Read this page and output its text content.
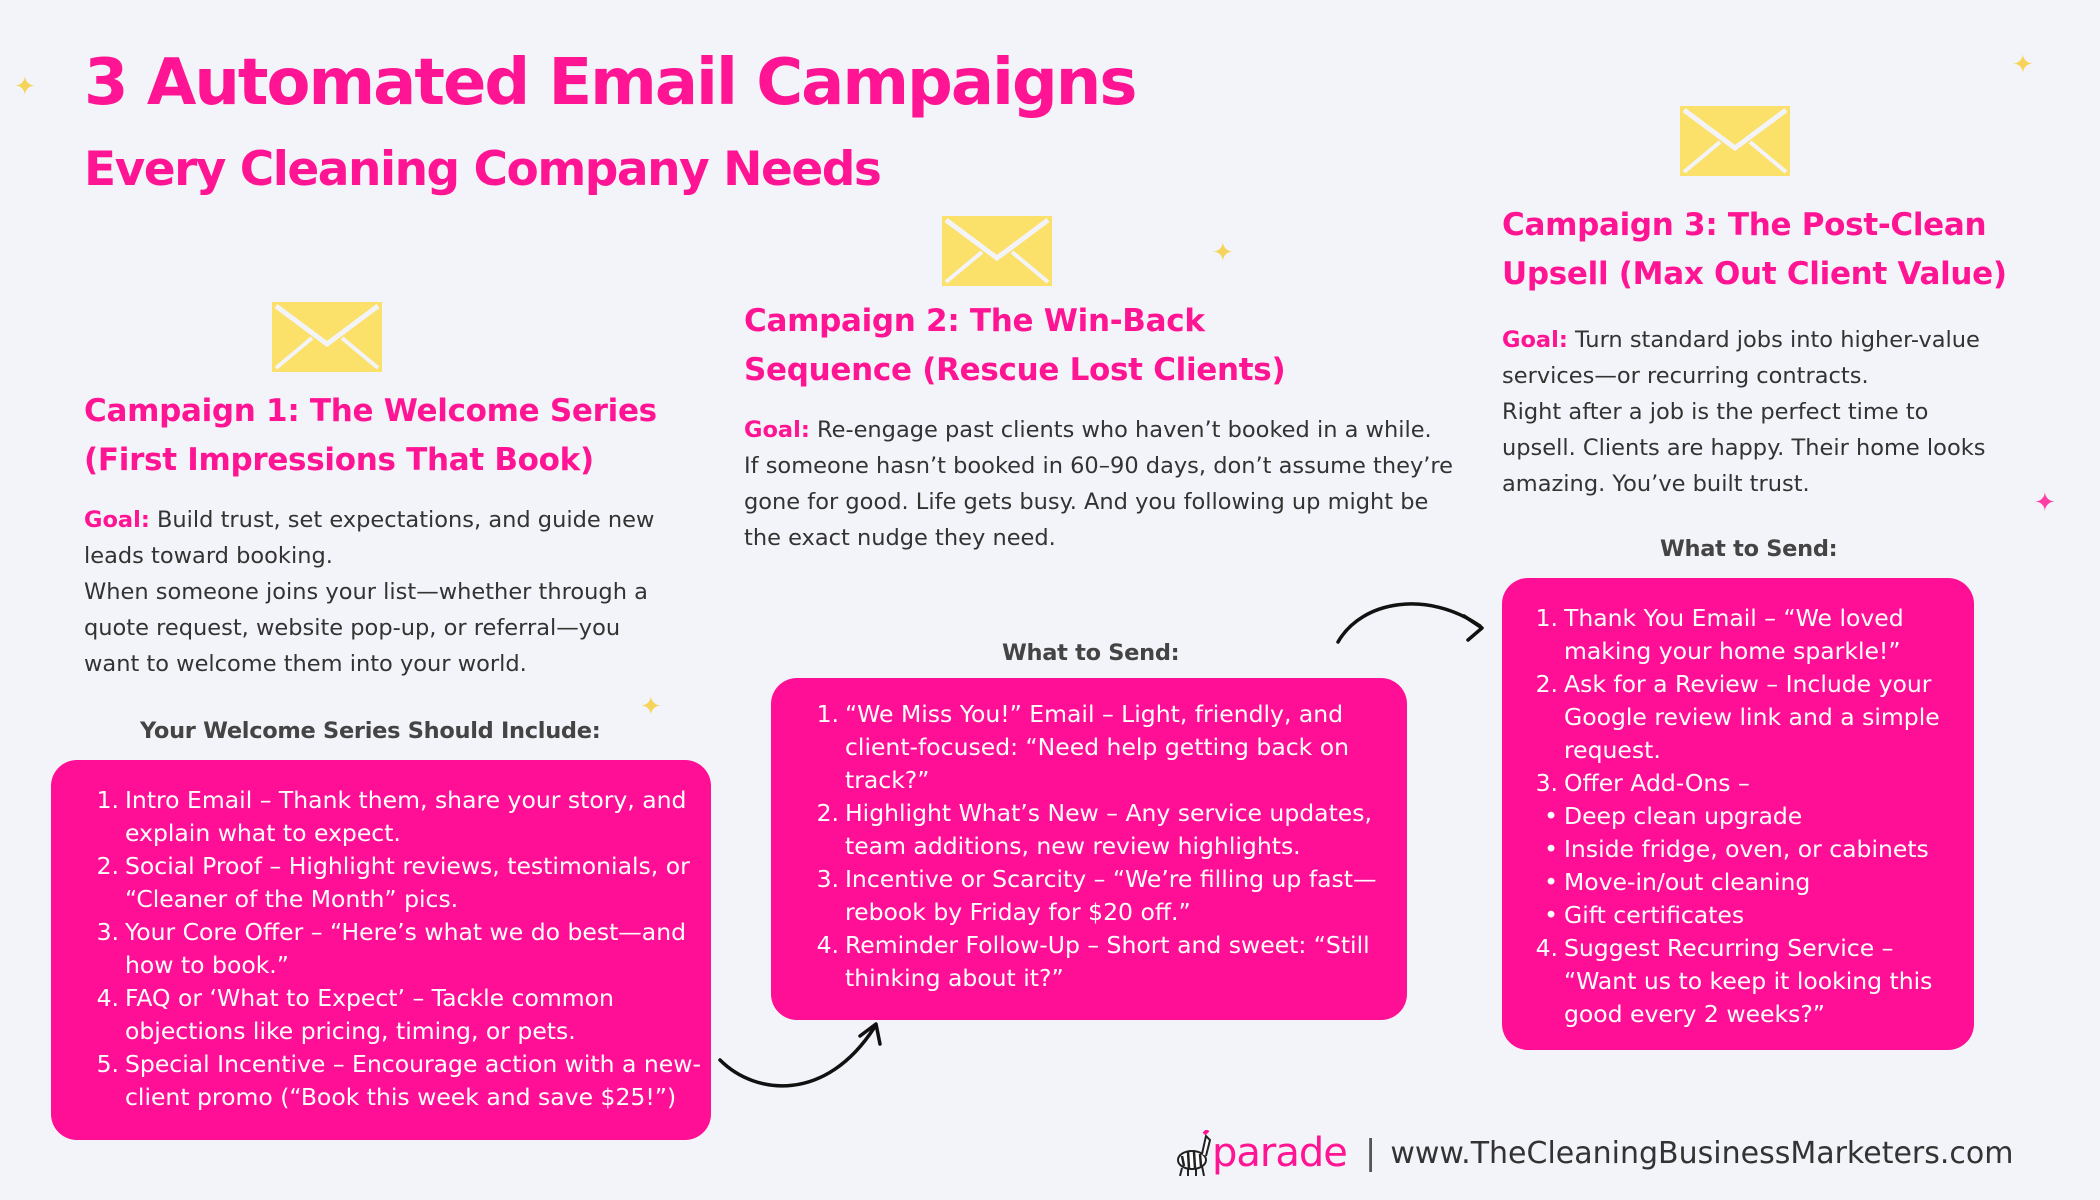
3 Automated Email Campaigns
Every Cleaning Company Needs
✦
✦
✦
✦
✦
Campaign 1: The Welcome Series
(First Impressions That Book)

Goal: Build trust, set expectations, and guide new
leads toward booking.
When someone joins your list—whether through a
quote request, website pop-up, or referral—you
want to welcome them into your world.

Your Welcome Series Should Include:

1. Intro Email – Thank them, share your story, and
explain what to expect.
2. Social Proof – Highlight reviews, testimonials, or
“Cleaner of the Month” pics.
3. Your Core Offer – “Here’s what we do best—and
how to book.”
4. FAQ or ‘What to Expect’ – Tackle common
objections like pricing, timing, or pets.
5. Special Incentive – Encourage action with a new-
client promo (“Book this week and save $25!”)
Campaign 2: The Win-Back
Sequence (Rescue Lost Clients)

Goal: Re-engage past clients who haven’t booked in a while.
If someone hasn’t booked in 60–90 days, don’t assume they’re
gone for good. Life gets busy. And you following up might be
the exact nudge they need.

What to Send:

1. “We Miss You!” Email – Light, friendly, and
client-focused: “Need help getting back on
track?”
2. Highlight What’s New – Any service updates,
team additions, new review highlights.
3. Incentive or Scarcity – “We’re filling up fast—
rebook by Friday for $20 off.”
4. Reminder Follow-Up – Short and sweet: “Still
thinking about it?”
Campaign 3: The Post-Clean
Upsell (Max Out Client Value)

Goal: Turn standard jobs into higher-value
services—or recurring contracts.
Right after a job is the perfect time to
upsell. Clients are happy. Their home looks
amazing. You’ve built trust.

What to Send:

1. Thank You Email – “We loved
making your home sparkle!”
2. Ask for a Review – Include your
Google review link and a simple
request.
3. Offer Add-Ons –
• Deep clean upgrade
• Inside fridge, oven, or cabinets
• Move-in/out cleaning
• Gift certificates
4. Suggest Recurring Service –
“Want us to keep it looking this
good every 2 weeks?”
parade | www.TheCleaningBusinessMarketers.com
